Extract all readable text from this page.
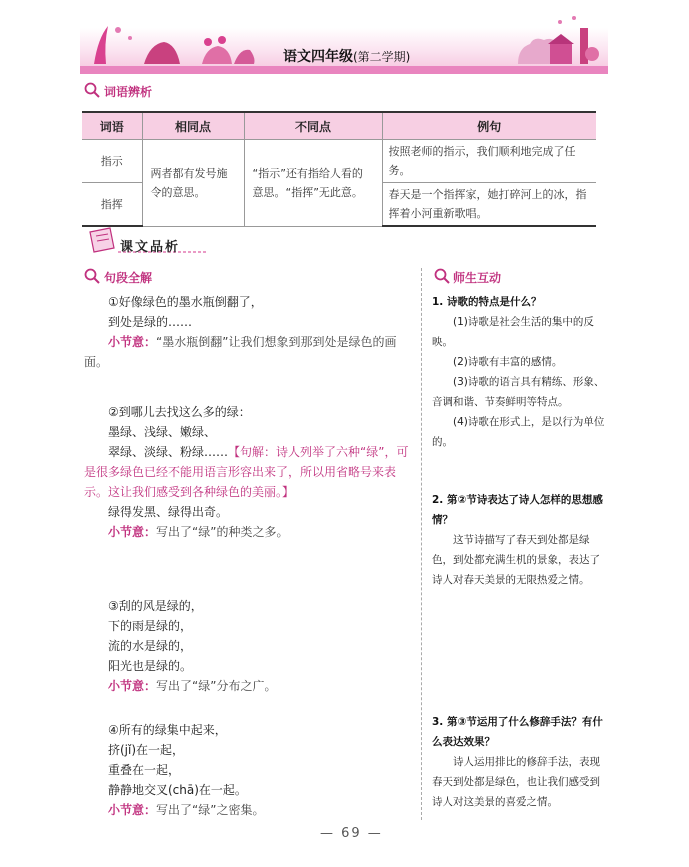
语文四年级(第二学期)
词语辨析
词语	相同点	不同点	例句
指示	两者都有发号施令的意思。	“指示”还有指给人看的意思。“指挥”无此意。	按照老师的指示，我们顺利地完成了任务。
指挥			春天是一个指挥家，她打碎河上的冰，指挥着小河重新歌唱。
课文品析
句段全解

①好像绿色的墨水瓶倒翻了，

到处是绿的……

小节意：“墨水瓶倒翻”让我们想象到那到处是绿色的画面。

②到哪儿去找这么多的绿：

墨绿、浅绿、嫩绿、

翠绿、淡绿、粉绿……【句解：诗人列举了六种“绿”，可是很多绿色已经不能用语言形容出来了，所以用省略号来表示。这让我们感受到各种绿色的美丽。】

绿得发黑、绿得出奇。

小节意：写出了“绿”的种类之多。

③刮的风是绿的，

下的雨是绿的，

流的水是绿的，

阳光也是绿的。

小节意：写出了“绿”分布之广。

④所有的绿集中起来，

挤(jǐ)在一起，

重叠在一起，

静静地交叉(chā)在一起。

小节意：写出了“绿”之密集。

师生互动

1. 诗歌的特点是什么？

(1)诗歌是社会生活的集中的反映。

(2)诗歌有丰富的感情。

(3)诗歌的语言具有精练、形象、音调和谐、节奏鲜明等特点。

(4)诗歌在形式上，是以行为单位的。

2. 第②节诗表达了诗人怎样的思想感情？

这节诗描写了春天到处都是绿色，到处都充满生机的景象，表达了诗人对春天美景的无限热爱之情。

3. 第③节运用了什么修辞手法？有什么表达效果？

诗人运用排比的修辞手法，表现春天到处都是绿色，也让我们感受到诗人对这美景的喜爱之情。

— 69 —
